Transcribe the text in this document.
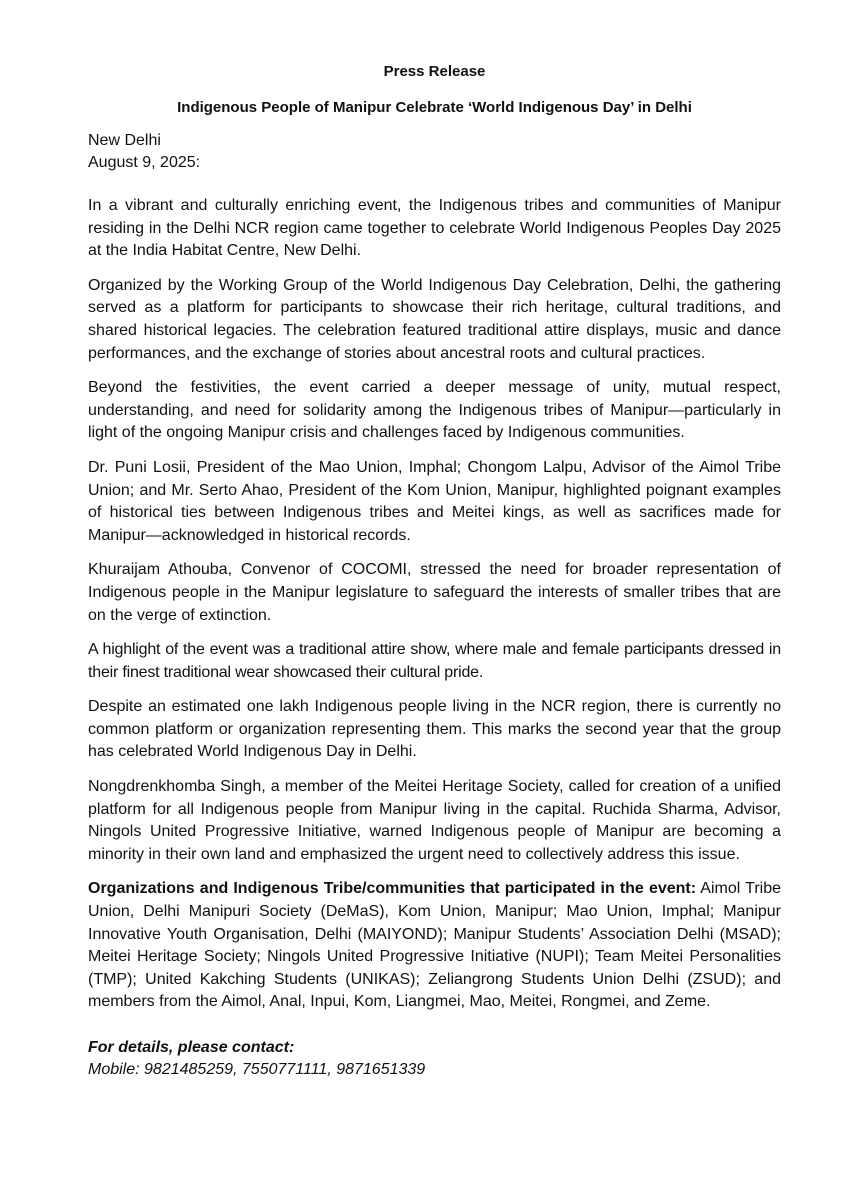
Press Release

Indigenous People of Manipur Celebrate ‘World Indigenous Day’ in Delhi

New Delhi
August 9, 2025:

In a vibrant and culturally enriching event, the Indigenous tribes and communities of Manipur residing in the Delhi NCR region came together to celebrate World Indigenous Peoples Day 2025 at the India Habitat Centre, New Delhi.

Organized by the Working Group of the World Indigenous Day Celebration, Delhi, the gathering served as a platform for participants to showcase their rich heritage, cultural traditions, and shared historical legacies. The celebration featured traditional attire displays, music and dance performances, and the exchange of stories about ancestral roots and cultural practices.

Beyond the festivities, the event carried a deeper message of unity, mutual respect, understanding, and need for solidarity among the Indigenous tribes of Manipur—particularly in light of the ongoing Manipur crisis and challenges faced by Indigenous communities.

Dr. Puni Losii, President of the Mao Union, Imphal; Chongom Lalpu, Advisor of the Aimol Tribe Union; and Mr. Serto Ahao, President of the Kom Union, Manipur, highlighted poignant examples of historical ties between Indigenous tribes and Meitei kings, as well as sacrifices made for Manipur—acknowledged in historical records.

Khuraijam Athouba, Convenor of COCOMI, stressed the need for broader representation of Indigenous people in the Manipur legislature to safeguard the interests of smaller tribes that are on the verge of extinction.

A highlight of the event was a traditional attire show, where male and female participants dressed in their finest traditional wear showcased their cultural pride.

Despite an estimated one lakh Indigenous people living in the NCR region, there is currently no common platform or organization representing them. This marks the second year that the group has celebrated World Indigenous Day in Delhi.

Nongdrenkhomba Singh, a member of the Meitei Heritage Society, called for creation of a unified platform for all Indigenous people from Manipur living in the capital. Ruchida Sharma, Advisor, Ningols United Progressive Initiative, warned Indigenous people of Manipur are becoming a minority in their own land and emphasized the urgent need to collectively address this issue.

Organizations and Indigenous Tribe/communities that participated in the event: Aimol Tribe Union, Delhi Manipuri Society (DeMaS), Kom Union, Manipur; Mao Union, Imphal; Manipur Innovative Youth Organisation, Delhi (MAIYOND); Manipur Students’ Association Delhi (MSAD); Meitei Heritage Society; Ningols United Progressive Initiative (NUPI); Team Meitei Personalities (TMP); United Kakching Students (UNIKAS); Zeliangrong Students Union Delhi (ZSUD); and members from the Aimol, Anal, Inpui, Kom, Liangmei, Mao, Meitei, Rongmei, and Zeme.

For details, please contact:
Mobile: 9821485259, 7550771111, 9871651339
